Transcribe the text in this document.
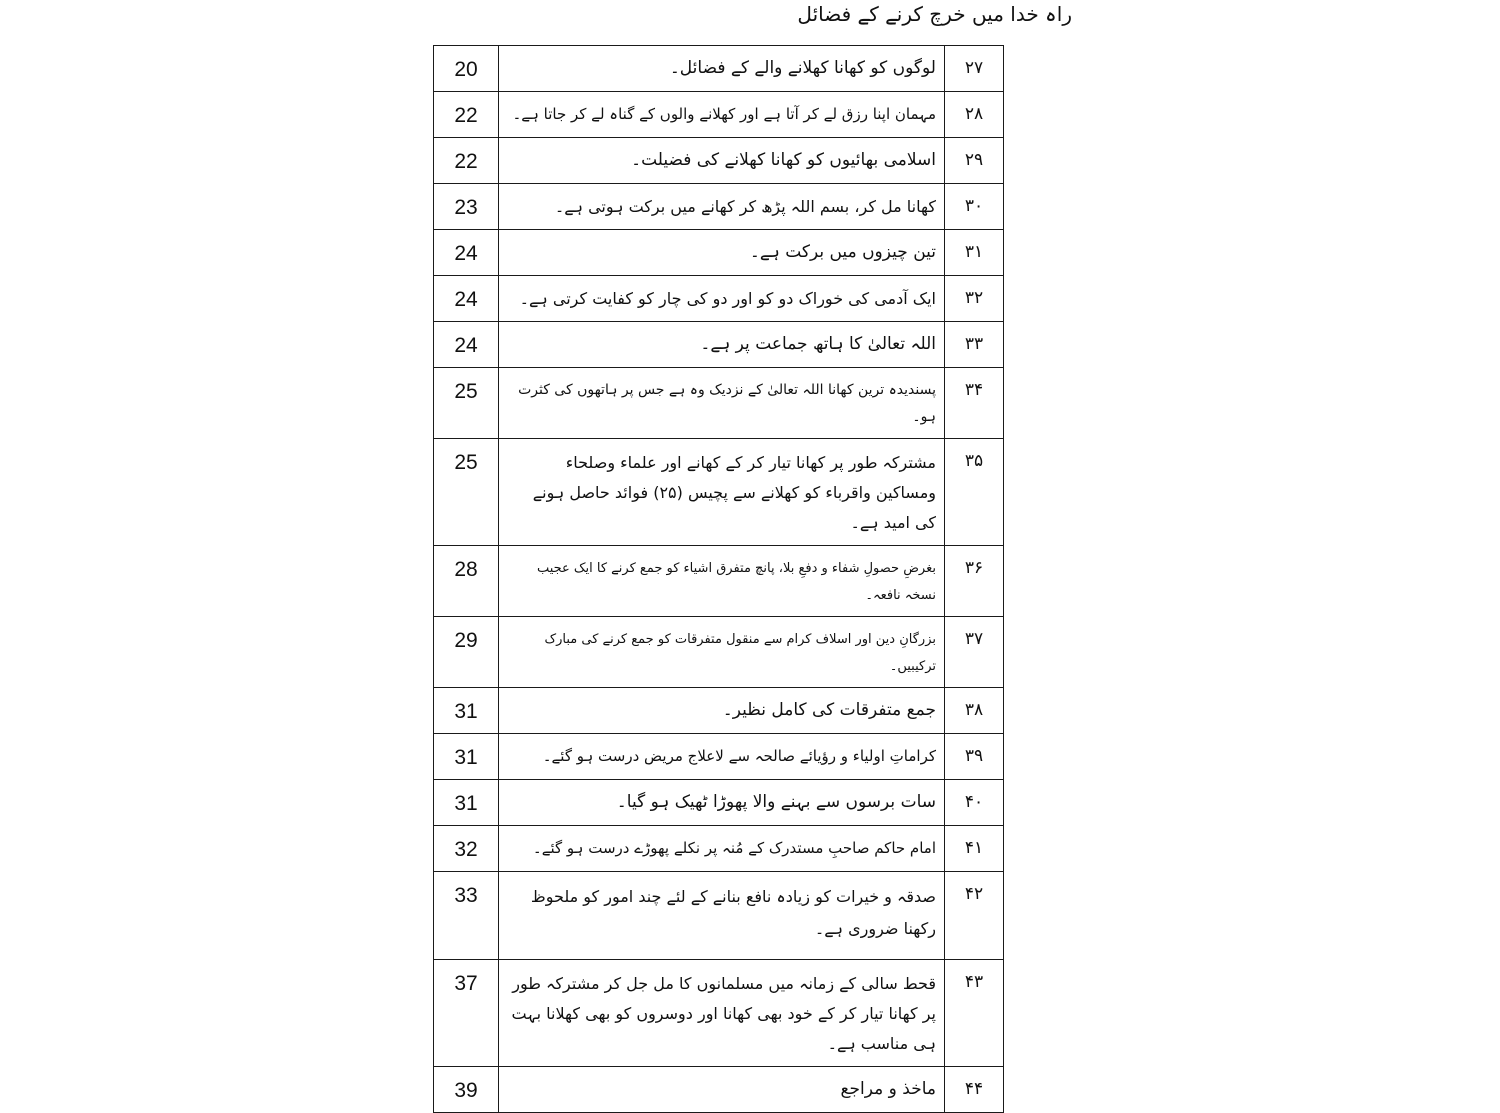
راہ خدا میں خرچ کرنے کے فضائل
20	لوگوں کو کھانا کھلانے والے کے فضائل۔	۲۷
22	مہمان اپنا رزق لے کر آتا ہے اور کھلانے والوں کے گناہ لے کر جاتا ہے۔	۲۸
22	اسلامی بھائیوں کو کھانا کھلانے کی فضیلت۔	۲۹
23	کھانا مل کر، بسم اللہ پڑھ کر کھانے میں برکت ہوتی ہے۔	۳۰
24	تین چیزوں میں برکت ہے۔	۳۱
24	ایک آدمی کی خوراک دو کو اور دو کی چار کو کفایت کرتی ہے۔	۳۲
24	اللہ تعالیٰ کا ہاتھ جماعت پر ہے۔	۳۳
25	پسندیدہ ترین کھانا اللہ تعالیٰ کے نزدیک وہ ہے جس پر ہاتھوں کی کثرت ہو۔	۳۴
25	مشترکہ طور پر کھانا تیار کر کے کھانے اور علماء وصلحاء ومساکین واقرباء کو کھلانے سے پچیس (۲۵) فوائد حاصل ہونے کی امید ہے۔	۳۵
28	بغرضِ حصولِ شفاء و دفعِ بلا، پانچ متفرق اشیاء کو جمع کرنے کا ایک عجیب نسخہ نافعہ۔	۳۶
29	بزرگانِ دین اور اسلاف کرام سے منقول متفرقات کو جمع کرنے کی مبارک ترکیبیں۔	۳۷
31	جمع متفرقات کی کامل نظیر۔	۳۸
31	کراماتِ اولیاء و رؤیائے صالحہ سے لاعلاج مریض درست ہو گئے۔	۳۹
31	سات برسوں سے بہنے والا پھوڑا ٹھیک ہو گیا۔	۴۰
32	امام حاکم صاحبِ مستدرک کے مُنہ پر نکلے پھوڑے درست ہو گئے۔	۴۱
33	صدقہ و خیرات کو زیادہ نافع بنانے کے لئے چند امور کو ملحوظ رکھنا ضروری ہے۔	۴۲
37	قحط سالی کے زمانہ میں مسلمانوں کا مل جل کر مشترکہ طور پر کھانا تیار کر کے خود بھی کھانا اور دوسروں کو بھی کھلانا بہت ہی مناسب ہے۔	۴۳
39	ماخذ و مراجع	۴۴
